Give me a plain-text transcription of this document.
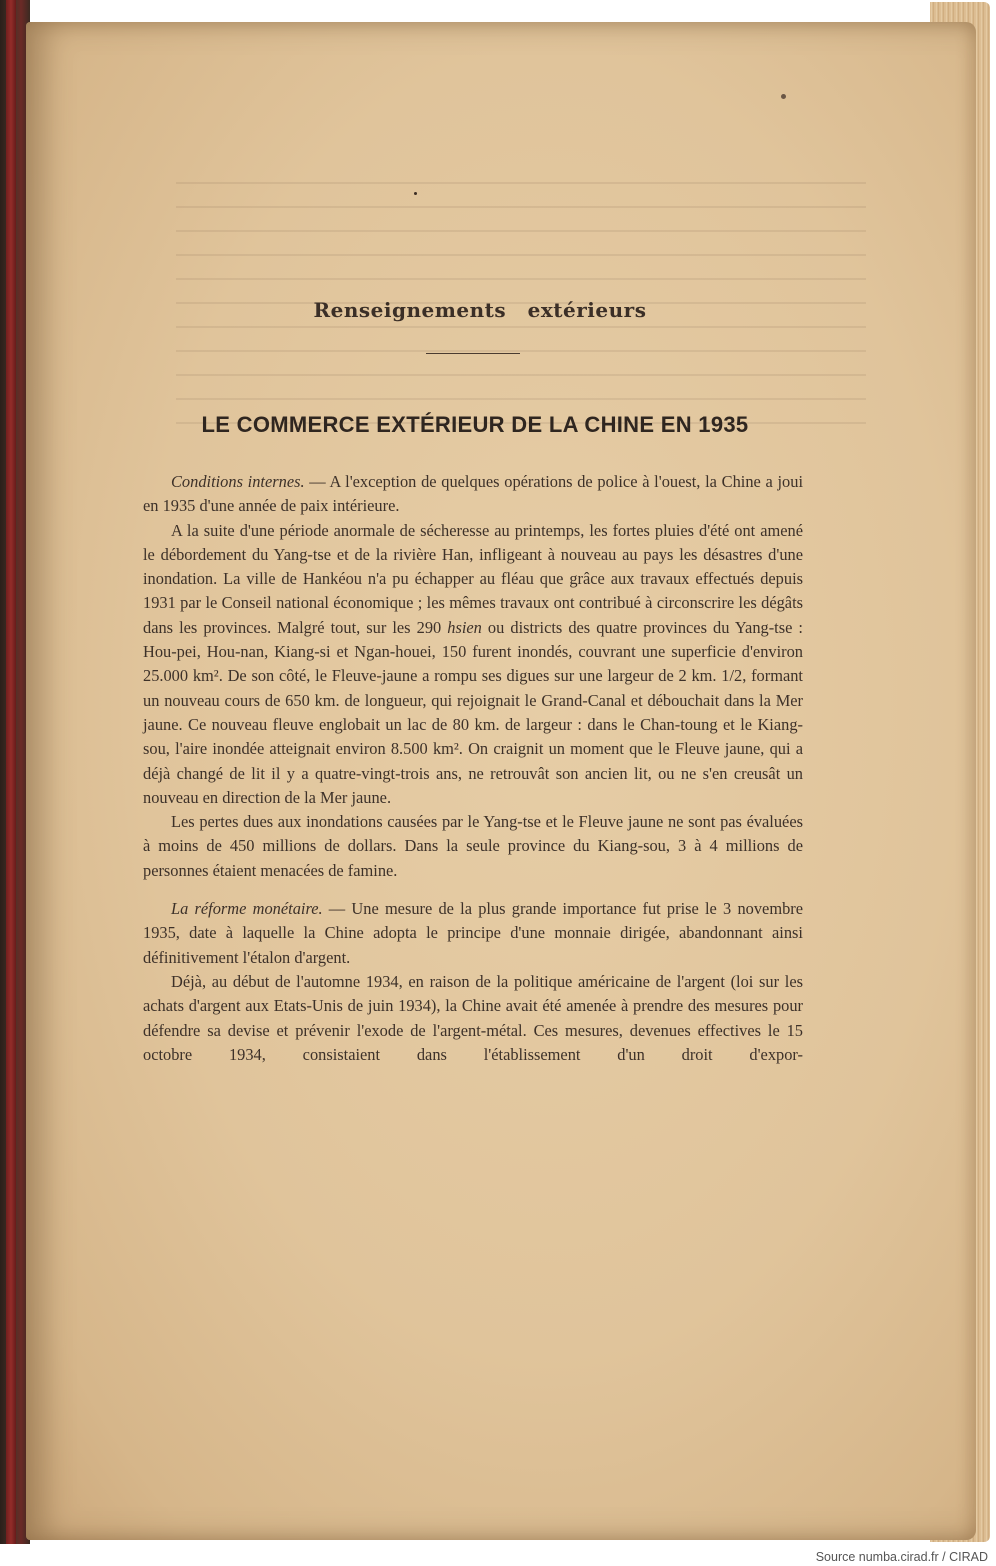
Renseignements extérieurs
LE COMMERCE EXTÉRIEUR DE LA CHINE EN 1935

Conditions internes. — A l'exception de quelques opérations de police à l'ouest, la Chine a joui en 1935 d'une année de paix intérieure.

A la suite d'une période anormale de sécheresse au printemps, les fortes pluies d'été ont amené le débordement du Yang-tse et de la rivière Han, infligeant à nouveau au pays les désastres d'une inondation. La ville de Hankéou n'a pu échapper au fléau que grâce aux travaux effectués depuis 1931 par le Conseil national économique ; les mêmes travaux ont contribué à circonscrire les dégâts dans les provinces. Malgré tout, sur les 290 hsien ou districts des quatre provinces du Yang-tse : Hou-pei, Hou-nan, Kiang-si et Ngan-houei, 150 furent inondés, couvrant une superficie d'environ 25.000 km². De son côté, le Fleuve-jaune a rompu ses digues sur une largeur de 2 km. 1/2, formant un nouveau cours de 650 km. de longueur, qui rejoignait le Grand-Canal et débouchait dans la Mer jaune. Ce nouveau fleuve englobait un lac de 80 km. de largeur : dans le Chan-toung et le Kiang-sou, l'aire inondée atteignait environ 8.500 km². On craignit un moment que le Fleuve jaune, qui a déjà changé de lit il y a quatre-vingt-trois ans, ne retrouvât son ancien lit, ou ne s'en creusât un nouveau en direction de la Mer jaune.

Les pertes dues aux inondations causées par le Yang-tse et le Fleuve jaune ne sont pas évaluées à moins de 450 millions de dollars. Dans la seule province du Kiang-sou, 3 à 4 millions de personnes étaient menacées de famine.

La réforme monétaire. — Une mesure de la plus grande importance fut prise le 3 novembre 1935, date à laquelle la Chine adopta le principe d'une monnaie dirigée, abandonnant ainsi définitivement l'étalon d'argent.

Déjà, au début de l'automne 1934, en raison de la politique américaine de l'argent (loi sur les achats d'argent aux Etats-Unis de juin 1934), la Chine avait été amenée à prendre des mesures pour défendre sa devise et prévenir l'exode de l'argent-métal. Ces mesures, devenues effectives le 15 octobre 1934, consistaient dans l'établissement d'un droit d'expor-

Source numba.cirad.fr / CIRAD
